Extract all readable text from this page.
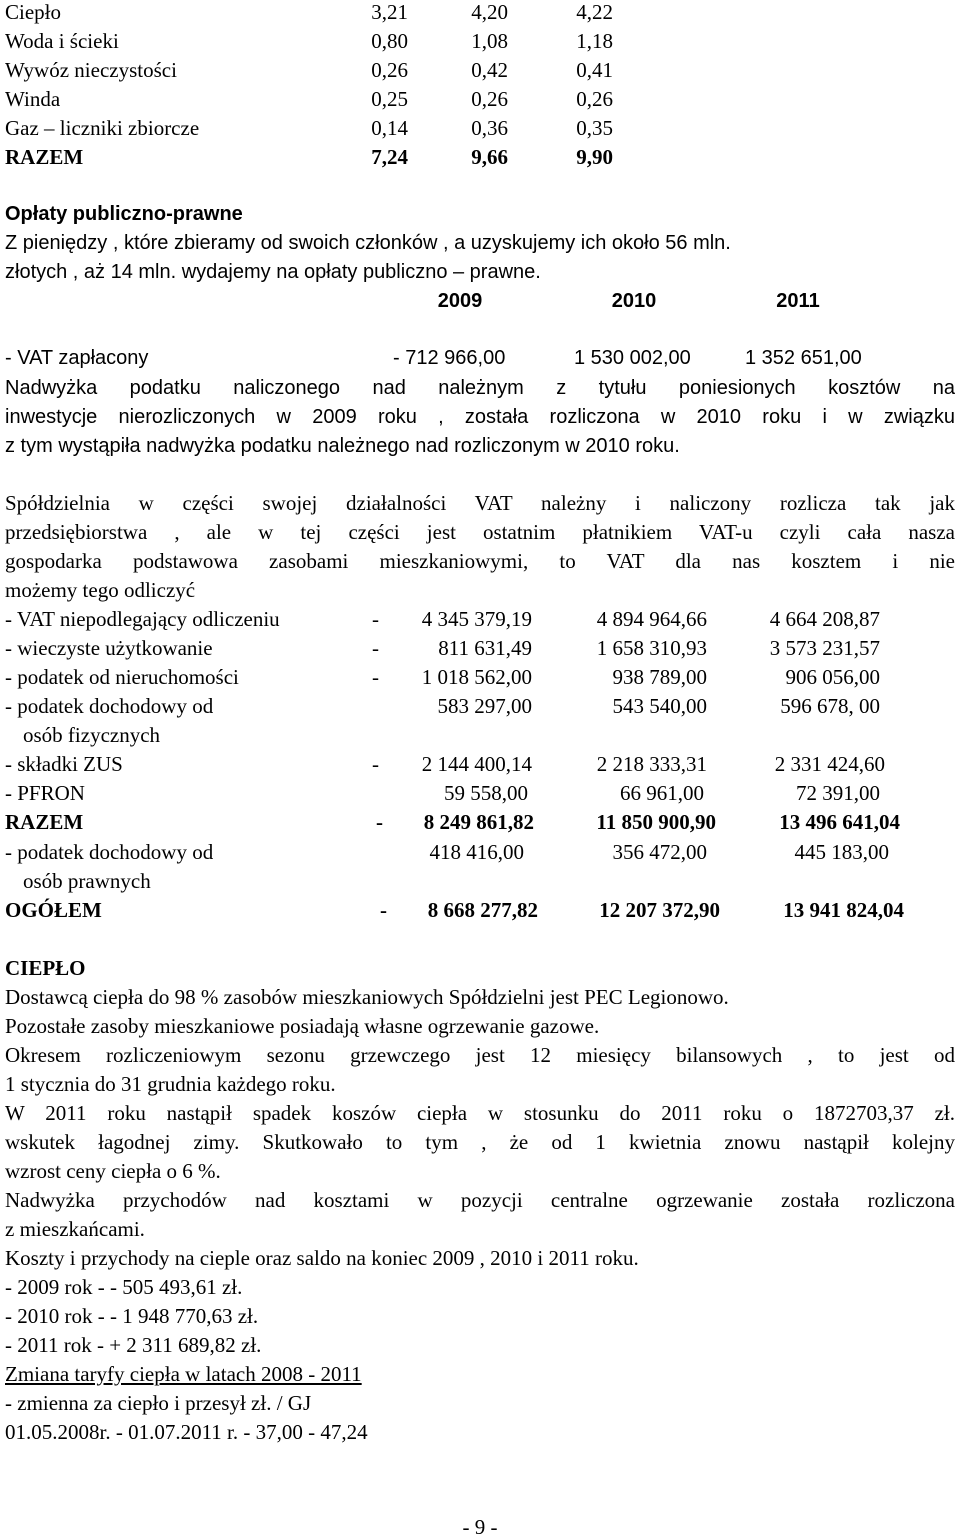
Ciepło	3,21	4,20	4,22
Woda i ścieki	0,80	1,08	1,18
Wywóz nieczystości	0,26	0,42	0,41
Winda	0,25	0,26	0,26
Gaz – liczniki zbiorcze	0,14	0,36	0,35
RAZEM	7,24	9,66	9,90
Opłaty publiczno-prawne
Z pieniędzy , które zbieramy od swoich członków , a uzyskujemy ich około 56 mln.
złotych , aż 14 mln. wydajemy na opłaty publiczno – prawne.
2009	2010	2011
- VAT zapłacony	- 712 966,00	1 530 002,00	1 352 651,00
Nadwyżka podatku naliczonego nad należnym z tytułu poniesionych kosztów na
inwestycje nierozliczonych w 2009 roku , została rozliczona w 2010 roku i w związku
z tym wystąpiła nadwyżka podatku należnego nad rozliczonym w 2010 roku.
Spółdzielnia w części swojej działalności VAT należny i naliczony rozlicza tak jak
przedsiębiorstwa , ale w tej części jest ostatnim płatnikiem VAT-u czyli cała nasza
gospodarka podstawowa zasobami mieszkaniowymi, to VAT dla nas kosztem i nie
możemy tego odliczyć
- VAT niepodlegający odliczeniu	-	4 345 379,19	4 894 964,66	4 664 208,87
- wieczyste użytkowanie	-	811 631,49	1 658 310,93	3 573 231,57
- podatek od nieruchomości	-	1 018 562,00	938 789,00	906 056,00
- podatek dochodowy od
osób fizycznych
583 297,00	543 540,00	596 678, 00
- składki ZUS	-	2 144 400,14	2 218 333,31	2 331 424,60
- PFRON	59 558,00	66 961,00	72 391,00
RAZEM	-	8 249 861,82	11 850 900,90	13 496 641,04
- podatek dochodowy od
osób prawnych
418 416,00	356 472,00	445 183,00
OGÓŁEM	-	8 668 277,82	12 207 372,90	13 941 824,04
CIEPŁO
Dostawcą ciepła do 98 % zasobów mieszkaniowych Spółdzielni jest PEC Legionowo.
Pozostałe zasoby mieszkaniowe posiadają własne ogrzewanie gazowe.
Okresem rozliczeniowym sezonu grzewczego jest 12 miesięcy bilansowych , to jest od
1 stycznia do 31 grudnia każdego roku.
W 2011 roku nastąpił spadek koszów ciepła w stosunku do 2011 roku o 1872703,37 zł.
wskutek łagodnej zimy. Skutkowało to tym , że od 1 kwietnia znowu nastąpił kolejny
wzrost ceny ciepła o 6 %.
Nadwyżka przychodów nad kosztami w pozycji centralne ogrzewanie została rozliczona
z mieszkańcami.
Koszty i przychody na cieple oraz saldo na koniec 2009 , 2010 i 2011 roku.
- 2009 rok - - 505 493,61 zł.
- 2010 rok - - 1 948 770,63 zł.
- 2011 rok - + 2 311 689,82 zł.
Zmiana taryfy ciepła w latach 2008 - 2011
- zmienna za ciepło i przesył zł. / GJ
01.05.2008r. - 01.07.2011 r. - 37,00 - 47,24
- 9 -
